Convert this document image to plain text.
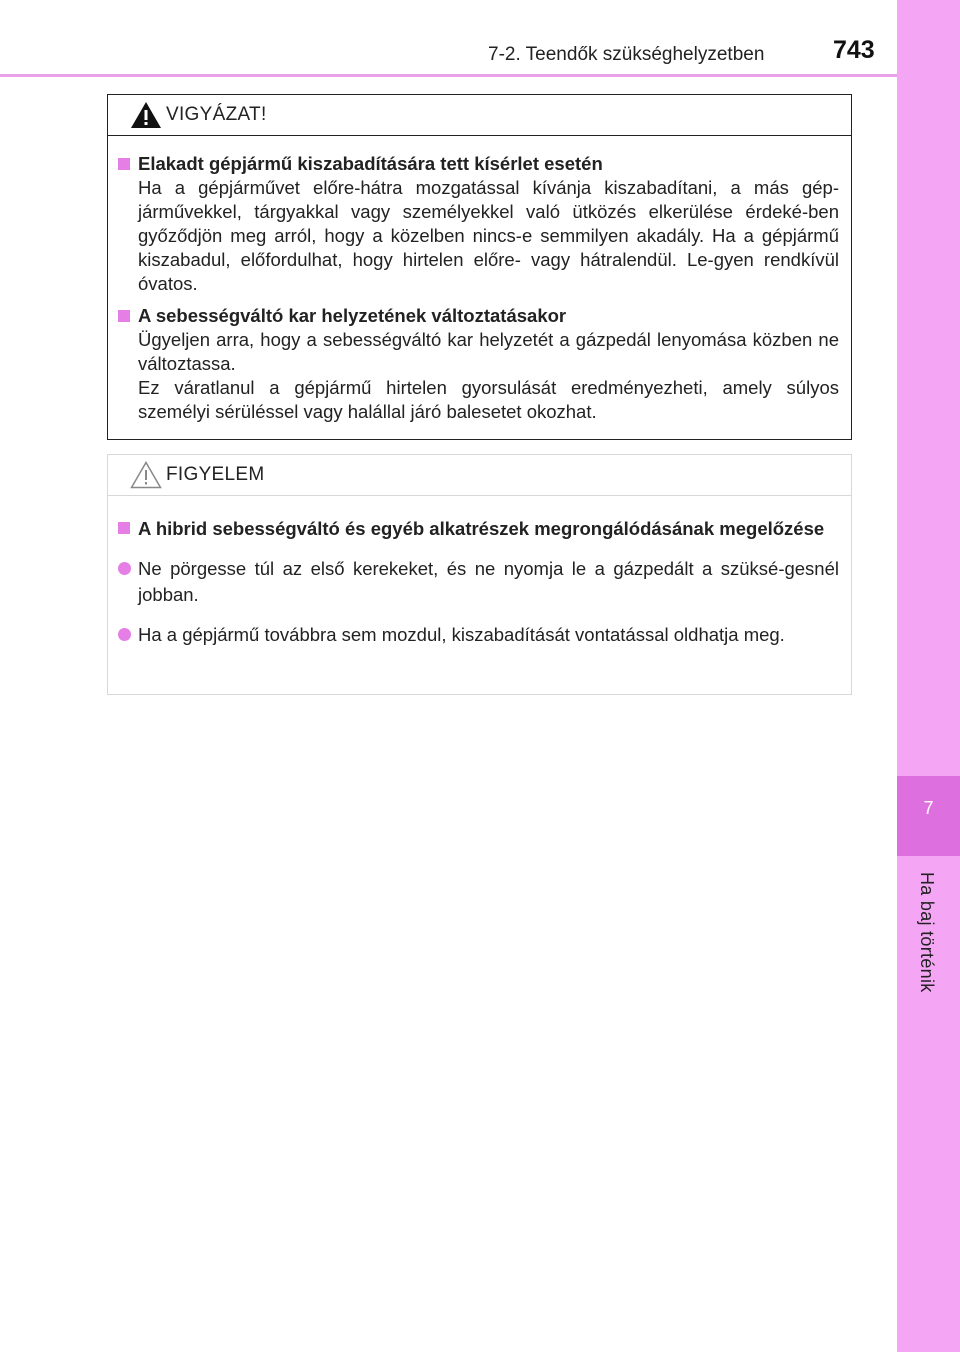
7-2. Teendők szükséghelyzetben	743
7
Ha baj történik
VIGYÁZAT!
Elakadt gépjármű kiszabadítására tett kísérlet esetén
Ha a gépjárművet előre-hátra mozgatással kívánja kiszabadítani, a más gép-járművekkel, tárgyakkal vagy személyekkel való ütközés elkerülése érdeké-ben győződjön meg arról, hogy a közelben nincs-e semmilyen akadály. Ha a gépjármű kiszabadul, előfordulhat, hogy hirtelen előre- vagy hátralendül. Le-gyen rendkívül óvatos.
A sebességváltó kar helyzetének változtatásakor
Ügyeljen arra, hogy a sebességváltó kar helyzetét a gázpedál lenyomása közben ne változtassa.
Ez váratlanul a gépjármű hirtelen gyorsulását eredményezheti, amely súlyos személyi sérüléssel vagy halállal járó balesetet okozhat.
FIGYELEM
A hibrid sebességváltó és egyéb alkatrészek megrongálódásának megelőzése
Ne pörgesse túl az első kerekeket, és ne nyomja le a gázpedált a szüksé-gesnél jobban.
Ha a gépjármű továbbra sem mozdul, kiszabadítását vontatással oldhatja meg.
